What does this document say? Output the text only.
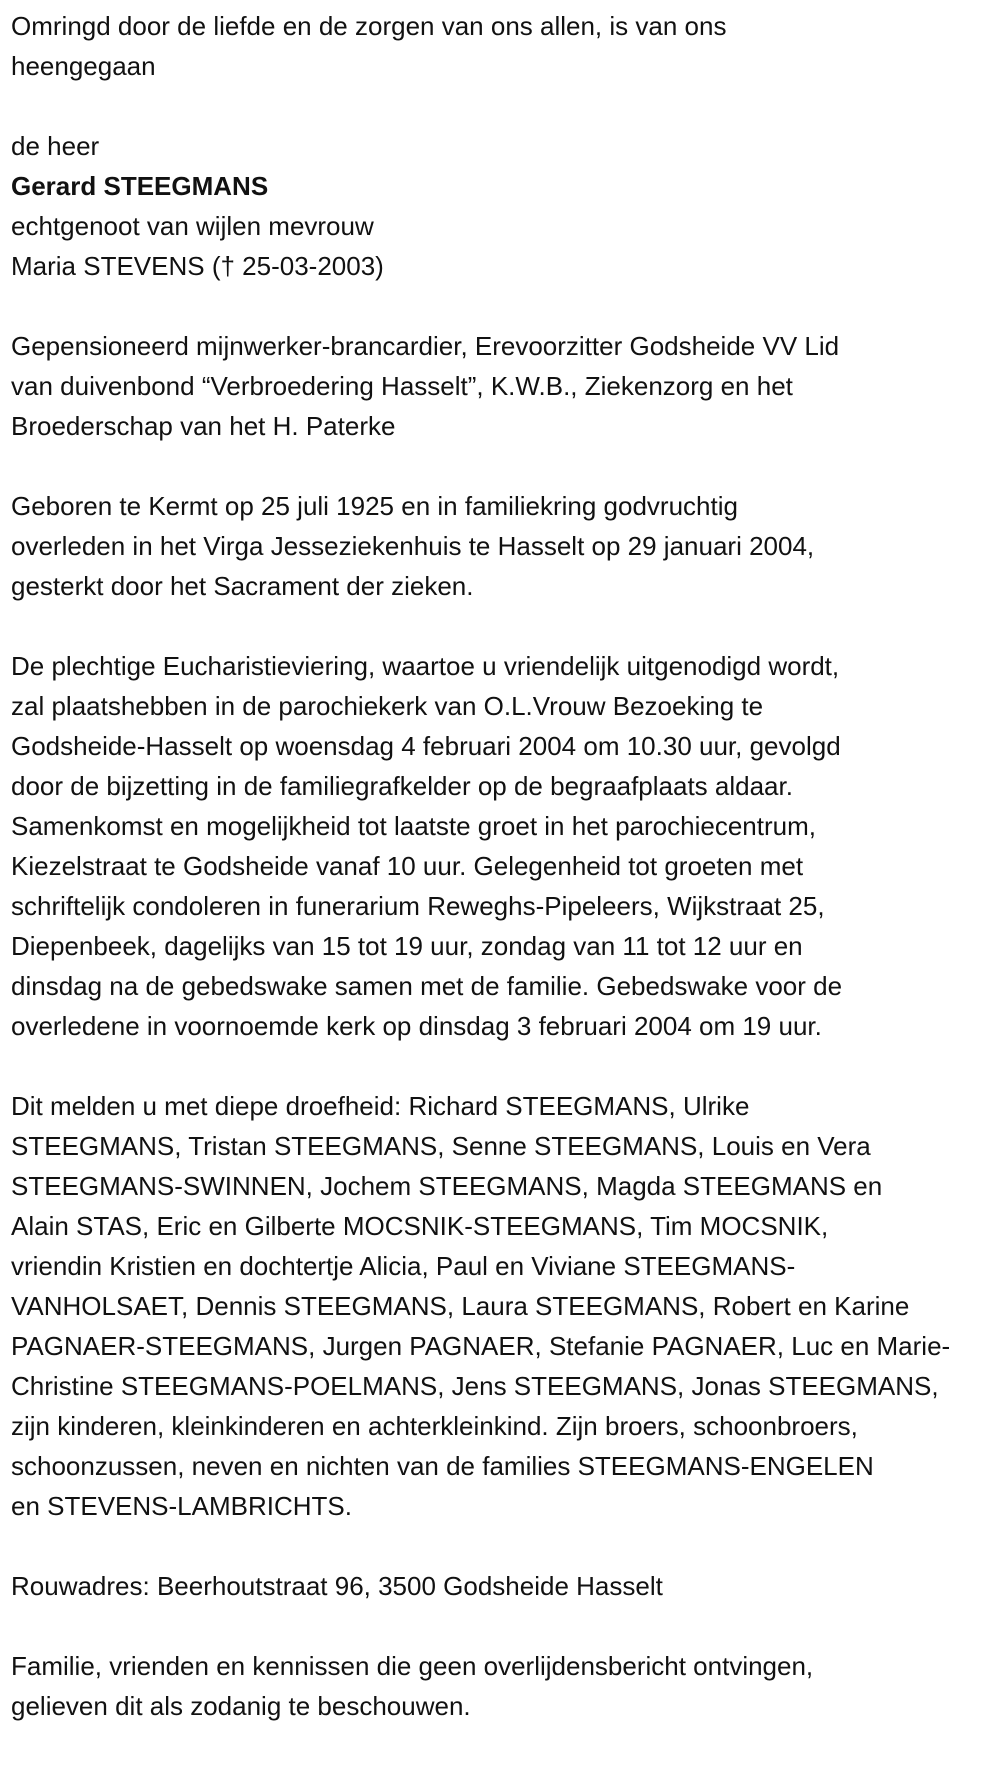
Omringd door de liefde en de zorgen van ons allen, is van ons
heengegaan
de heer
Gerard STEEGMANS
echtgenoot van wijlen mevrouw
Maria STEVENS († 25-03-2003)
Gepensioneerd mijnwerker-brancardier, Erevoorzitter Godsheide VV Lid
van duivenbond “Verbroedering Hasselt”, K.W.B., Ziekenzorg en het
Broederschap van het H. Paterke
Geboren te Kermt op 25 juli 1925 en in familiekring godvruchtig
overleden in het Virga Jesseziekenhuis te Hasselt op 29 januari 2004,
gesterkt door het Sacrament der zieken.
De plechtige Eucharistieviering, waartoe u vriendelijk uitgenodigd wordt,
zal plaatshebben in de parochiekerk van O.L.Vrouw Bezoeking te
Godsheide-Hasselt op woensdag 4 februari 2004 om 10.30 uur, gevolgd
door de bijzetting in de familiegrafkelder op de begraafplaats aldaar.
Samenkomst en mogelijkheid tot laatste groet in het parochiecentrum,
Kiezelstraat te Godsheide vanaf 10 uur. Gelegenheid tot groeten met
schriftelijk condoleren in funerarium Reweghs-Pipeleers, Wijkstraat 25,
Diepenbeek, dagelijks van 15 tot 19 uur, zondag van 11 tot 12 uur en
dinsdag na de gebedswake samen met de familie. Gebedswake voor de
overledene in voornoemde kerk op dinsdag 3 februari 2004 om 19 uur.
Dit melden u met diepe droefheid: Richard STEEGMANS, Ulrike
STEEGMANS, Tristan STEEGMANS, Senne STEEGMANS, Louis en Vera
STEEGMANS-SWINNEN, Jochem STEEGMANS, Magda STEEGMANS en
Alain STAS, Eric en Gilberte MOCSNIK-STEEGMANS, Tim MOCSNIK,
vriendin Kristien en dochtertje Alicia, Paul en Viviane STEEGMANS-
VANHOLSAET, Dennis STEEGMANS, Laura STEEGMANS, Robert en Karine
PAGNAER-STEEGMANS, Jurgen PAGNAER, Stefanie PAGNAER, Luc en Marie-
Christine STEEGMANS-POELMANS, Jens STEEGMANS, Jonas STEEGMANS,
zijn kinderen, kleinkinderen en achterkleinkind. Zijn broers, schoonbroers,
schoonzussen, neven en nichten van de families STEEGMANS-ENGELEN
en STEVENS-LAMBRICHTS.
Rouwadres: Beerhoutstraat 96, 3500 Godsheide Hasselt
Familie, vrienden en kennissen die geen overlijdensbericht ontvingen,
gelieven dit als zodanig te beschouwen.
